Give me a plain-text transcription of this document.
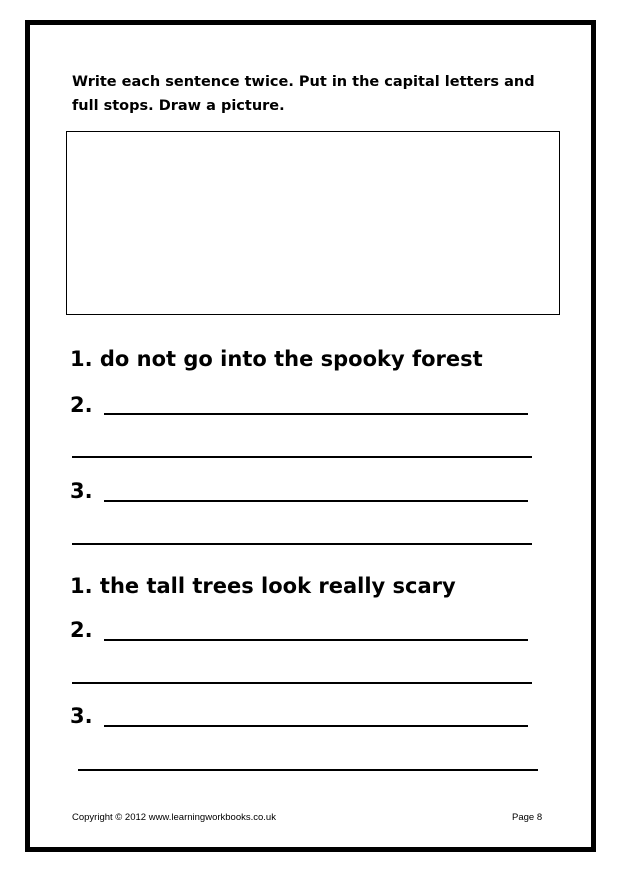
Write each sentence twice. Put in the capital letters and full stops. Draw a picture.

1. do not go into the spooky forest

2.

3.

1. the tall trees look really scary

2.

3.

Copyright © 2012 www.learningworkbooks.co.uk	Page 8
